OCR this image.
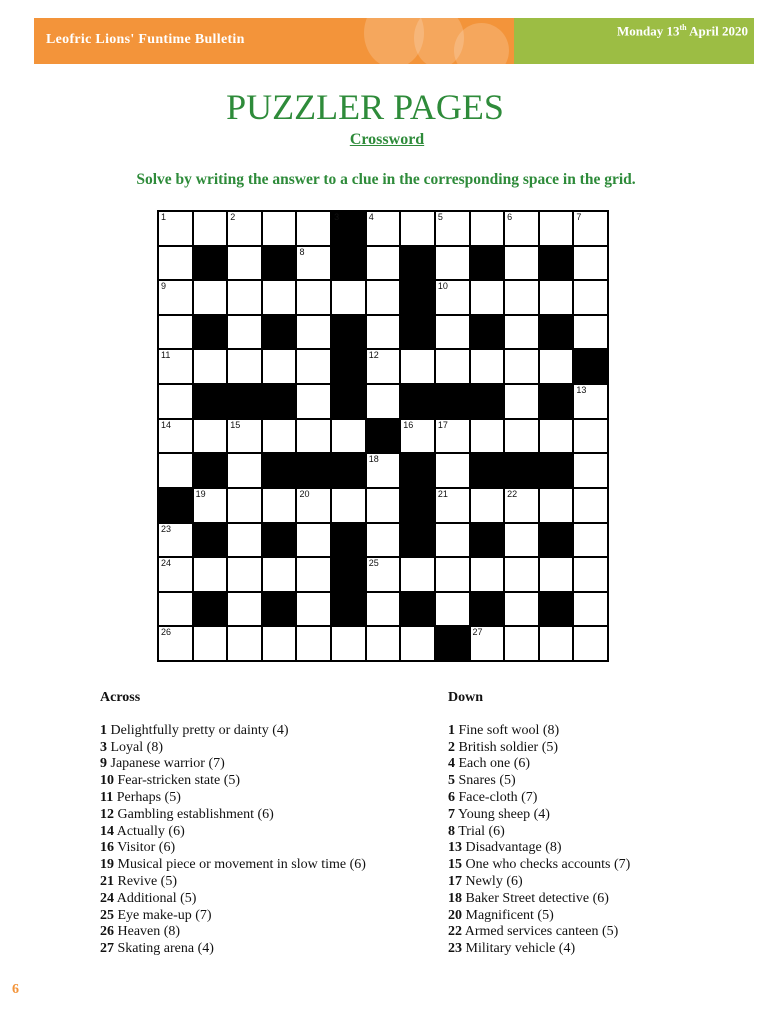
Leofric Lions' Funtime Bulletin
Monday 13th April 2020
PUZZLER PAGES
Crossword
Solve by writing the answer to a clue in the corresponding space in the grid.
1	2	3	4	5	6	7
8
9	10
11	12
13
14	15	16	17
18
19	20	21	22
23
24	25
26	27
Across
1 Delightfully pretty or dainty (4)
3 Loyal (8)
9 Japanese warrior (7)
10 Fear-stricken state (5)
11 Perhaps (5)
12 Gambling establishment (6)
14 Actually (6)
16 Visitor (6)
19 Musical piece or movement in slow time (6)
21 Revive (5)
24 Additional (5)
25 Eye make-up (7)
26 Heaven (8)
27 Skating arena (4)
Down
1 Fine soft wool (8)
2 British soldier (5)
4 Each one (6)
5 Snares (5)
6 Face-cloth (7)
7 Young sheep (4)
8 Trial (6)
13 Disadvantage (8)
15 One who checks accounts (7)
17 Newly (6)
18 Baker Street detective (6)
20 Magnificent (5)
22 Armed services canteen (5)
23 Military vehicle (4)
6
